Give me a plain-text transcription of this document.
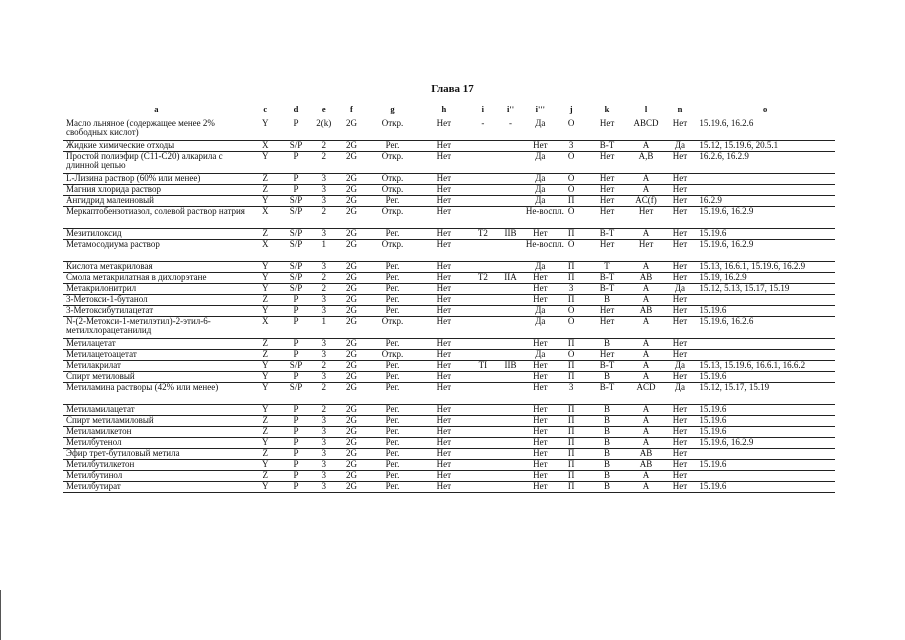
Глава 17
a	c	d	e	f	g	h	i	i''	i'''	j	k	l	n	o
Масло льняное (содержащее менее 2% свободных кислот)	Y	P	2(k)	2G	Откр.	Нет	-	-	Да	O	Нет	ABCD	Нет	15.19.6, 16.2.6
Жидкие химические отходы	X	S/P	2	2G	Рег.	Нет			Нет	3	B-T	A	Да	15.12, 15.19.6, 20.5.1
Простой полиэфир (C11-C20) алкарила с длинной цепью	Y	P	2	2G	Откр.	Нет			Да	O	Нет	A,B	Нет	16.2.6, 16.2.9
L-Лизина раствор (60% или менее)	Z	P	3	2G	Откр.	Нет			Да	O	Нет	A	Нет	
Магния хлорида раствор	Z	P	3	2G	Откр.	Нет			Да	O	Нет	A	Нет	
Ангидрид малеиновый	Y	S/P	3	2G	Рег.	Нет			Да	П	Нет	AC(f)	Нет	16.2.9
Меркаптобензотиазол, солевой раствор натрия	X	S/P	2	2G	Откр.	Нет			Не-воспл.	O	Нет	Нет	Нет	15.19.6, 16.2.9
Мезитилоксид	Z	S/P	3	2G	Рег.	Нет	T2	IIB	Нет	П	B-T	A	Нет	15.19.6
Метамосодиума раствор	X	S/P	1	2G	Откр.	Нет			Не-воспл.	O	Нет	Нет	Нет	15.19.6, 16.2.9
Кислота метакриловая	Y	S/P	3	2G	Рег.	Нет			Да	П	T	A	Нет	15.13, 16.6.1, 15.19.6, 16.2.9
Смола метакрилатная в дихлорэтане	Y	S/P	2	2G	Рег.	Нет	T2	IIA	Нет	П	B-T	AB	Нет	15.19, 16.2.9
Метакрилонитрил	Y	S/P	2	2G	Рег.	Нет			Нет	3	B-T	A	Да	15.12, 5.13, 15.17, 15.19
3-Метокси-1-бутанол	Z	P	3	2G	Рег.	Нет			Нет	П	B	A	Нет	
3-Метоксибутилацетат	Y	P	3	2G	Рег.	Нет			Да	O	Нет	AB	Нет	15.19.6
N-(2-Метокси-1-метилэтил)-2-этил-6-метилхлорацетанилид	X	P	1	2G	Откр.	Нет			Да	O	Нет	A	Нет	15.19.6, 16.2.6
Метилацетат	Z	P	3	2G	Рег.	Нет			Нет	П	B	A	Нет	
Метилацетоацетат	Z	P	3	2G	Откр.	Нет			Да	O	Нет	A	Нет	
Метилакрилат	Y	S/P	2	2G	Рег.	Нет	TI	IIB	Нет	П	B-T	A	Да	15.13, 15.19.6, 16.6.1, 16.6.2
Спирт метиловый	Y	P	3	2G	Рег.	Нет			Нет	П	B	A	Нет	15.19.6
Метиламина растворы (42% или менее)	Y	S/P	2	2G	Рег.	Нет			Нет	3	B-T	ACD	Да	15.12, 15.17, 15.19
Метиламилацетат	Y	P	2	2G	Рег.	Нет			Нет	П	B	A	Нет	15.19.6
Спирт метиламиловый	Z	P	3	2G	Рег.	Нет			Нет	П	B	A	Нет	15.19.6
Метиламилкетон	Z	P	3	2G	Рег.	Нет			Нет	П	B	A	Нет	15.19.6
Метилбутенол	Y	P	3	2G	Рег.	Нет			Нет	П	B	A	Нет	15.19.6, 16.2.9
Эфир трет-бутиловый метила	Z	P	3	2G	Рег.	Нет			Нет	П	B	AB	Нет	
Метилбутилкетон	Y	P	3	2G	Рег.	Нет			Нет	П	B	AB	Нет	15.19.6
Метилбутинол	Z	P	3	2G	Рег.	Нет			Нет	П	B	A	Нет	
Метилбутират	Y	P	3	2G	Рег.	Нет			Нет	П	B	A	Нет	15.19.6
